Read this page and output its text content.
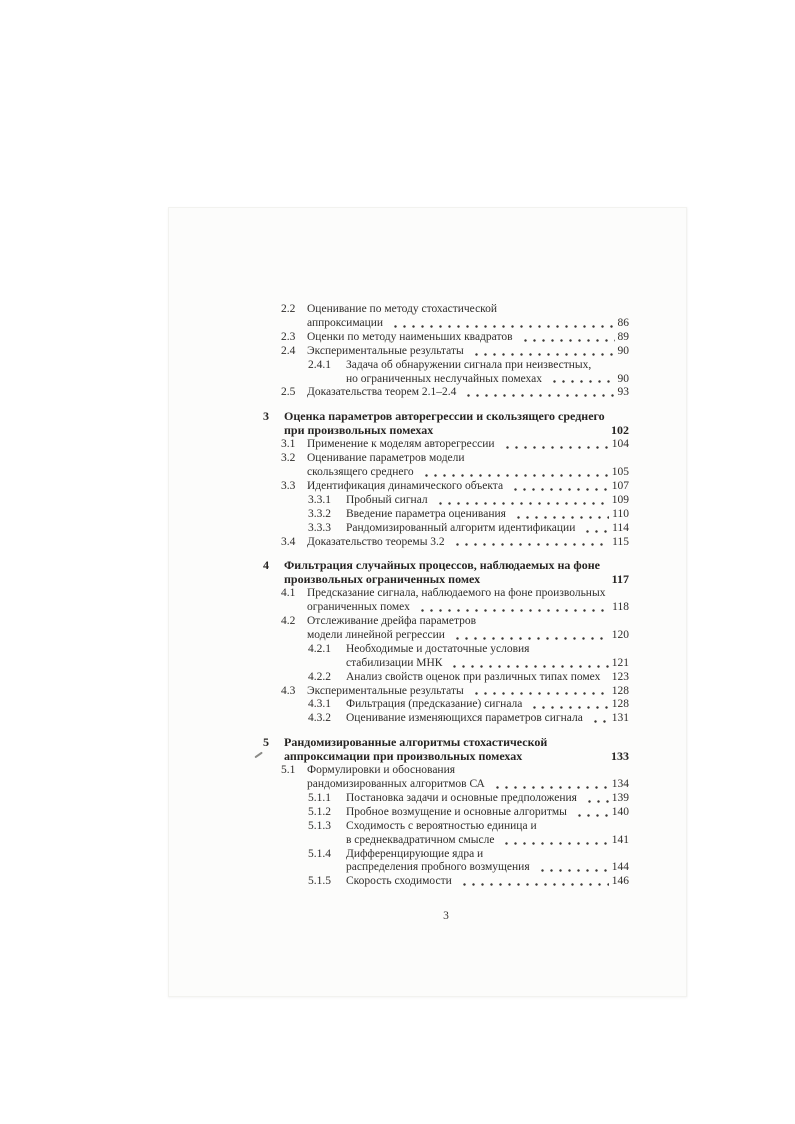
2.2	Оценивание по методу стохастической
аппроксимации	86
2.3	Оценки по методу наименьших квадратов	89
2.4	Экспериментальные результаты	90
2.4.1	Задача об обнаружении сигнала при неизвестных,
но ограниченных неслучайных помехах	90
2.5	Доказательства теорем 2.1–2.4	93
3	Оценка параметров авторегрессии и скользящего среднего
при произвольных помехах	102
3.1	Применение к моделям авторегрессии	104
3.2	Оценивание параметров модели
скользящего среднего	105
3.3	Идентификация динамического объекта	107
3.3.1	Пробный сигнал	109
3.3.2	Введение параметра оценивания	110
3.3.3	Рандомизированный алгоритм идентификации	114
3.4	Доказательство теоремы 3.2	115
4	Фильтрация случайных процессов, наблюдаемых на фоне
произвольных ограниченных помех	117
4.1	Предсказание сигнала, наблюдаемого на фоне произвольных
ограниченных помех	118
4.2	Отслеживание дрейфа параметров
модели линейной регрессии	120
4.2.1	Необходимые и достаточные условия
стабилизации МНК	121
4.2.2	Анализ свойств оценок при различных типах помех 123
4.3	Экспериментальные результаты	128
4.3.1	Фильтрация (предсказание) сигнала	128
4.3.2	Оценивание изменяющихся параметров сигнала	131
5	Рандомизированные алгоритмы стохастической
аппроксимации при произвольных помехах	133
5.1	Формулировки и обоснования
рандомизированных алгоритмов СА	134
5.1.1	Постановка задачи и основные предположения	139
5.1.2	Пробное возмущение и основные алгоритмы	140
5.1.3	Сходимость с вероятностью единица и
в среднеквадратичном смысле	141
5.1.4	Дифференцирующие ядра и
распределения пробного возмущения	144
5.1.5	Скорость сходимости	146
3
